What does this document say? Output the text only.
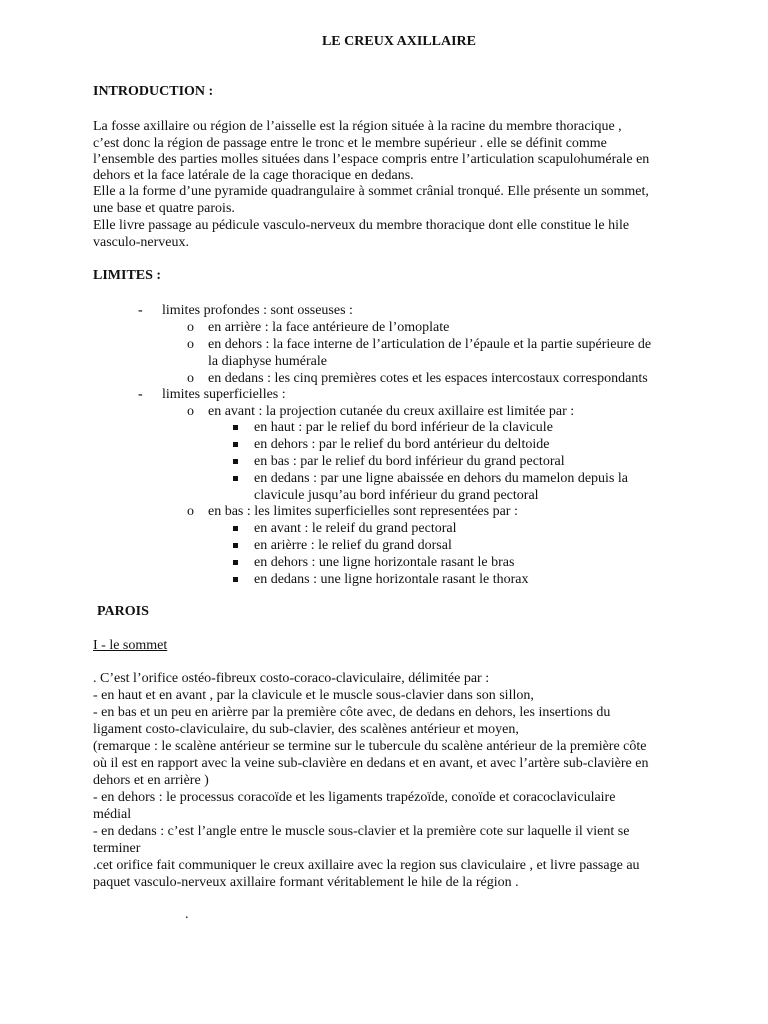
LE CREUX AXILLAIRE
INTRODUCTION :
La fosse axillaire ou région de l’aisselle est la région située à la racine du membre thoracique ,
c’est donc la région de passage entre le tronc et le membre supérieur . elle se définit comme
l’ensemble des parties molles situées dans l’espace compris entre l’articulation scapulohumérale en
dehors et la face latérale de la cage thoracique en dedans.
Elle a la forme d’une pyramide quadrangulaire à sommet crânial tronqué. Elle présente un sommet,
une base et quatre parois.
Elle livre passage au pédicule vasculo-nerveux du membre thoracique dont elle constitue le hile
vasculo-nerveux.
LIMITES :
- limites profondes : sont osseuses :
o en arrière : la face antérieure de l’omoplate
o en dehors : la face interne de l’articulation de l’épaule et la partie supérieure de
la diaphyse humérale
o en dedans : les cinq premières cotes et les espaces intercostaux correspondants
- limites superficielles :
o en avant : la projection cutanée du creux axillaire est limitée par :
en haut : par le relief du bord inférieur de la clavicule
en dehors : par le relief du bord antérieur du deltoide
en bas : par le relief du bord inférieur du grand pectoral
en dedans : par une ligne abaissée en dehors du mamelon depuis la
clavicule jusqu’au bord inférieur du grand pectoral
o en bas : les limites superficielles sont representées par :
en avant : le releif du grand pectoral
en arièrre : le relief du grand dorsal
en dehors : une ligne horizontale rasant le bras
en dedans : une ligne horizontale rasant le thorax
PAROIS
I - le sommet
. C’est l’orifice ostéo-fibreux costo-coraco-claviculaire, délimitée par :
- en haut et en avant , par la clavicule et le muscle sous-clavier dans son sillon,
- en bas et un peu en arièrre par la première côte avec, de dedans en dehors, les insertions du
ligament costo-claviculaire, du sub-clavier, des scalènes antérieur et moyen,
(remarque : le scalène antérieur se termine sur le tubercule du scalène antérieur de la première côte
où il est en rapport avec la veine sub-clavière en dedans et en avant, et avec l’artère sub-clavière en
dehors et en arrière )
- en dehors : le processus coracoïde et les ligaments trapézoïde, conoïde et coracoclaviculaire
médial
- en dedans : c’est l’angle entre le muscle sous-clavier et la première cote sur laquelle il vient se
terminer
.cet orifice fait communiquer le creux axillaire avec la region sus claviculaire , et livre passage au
paquet vasculo-nerveux axillaire formant véritablement le hile de la région .
.
